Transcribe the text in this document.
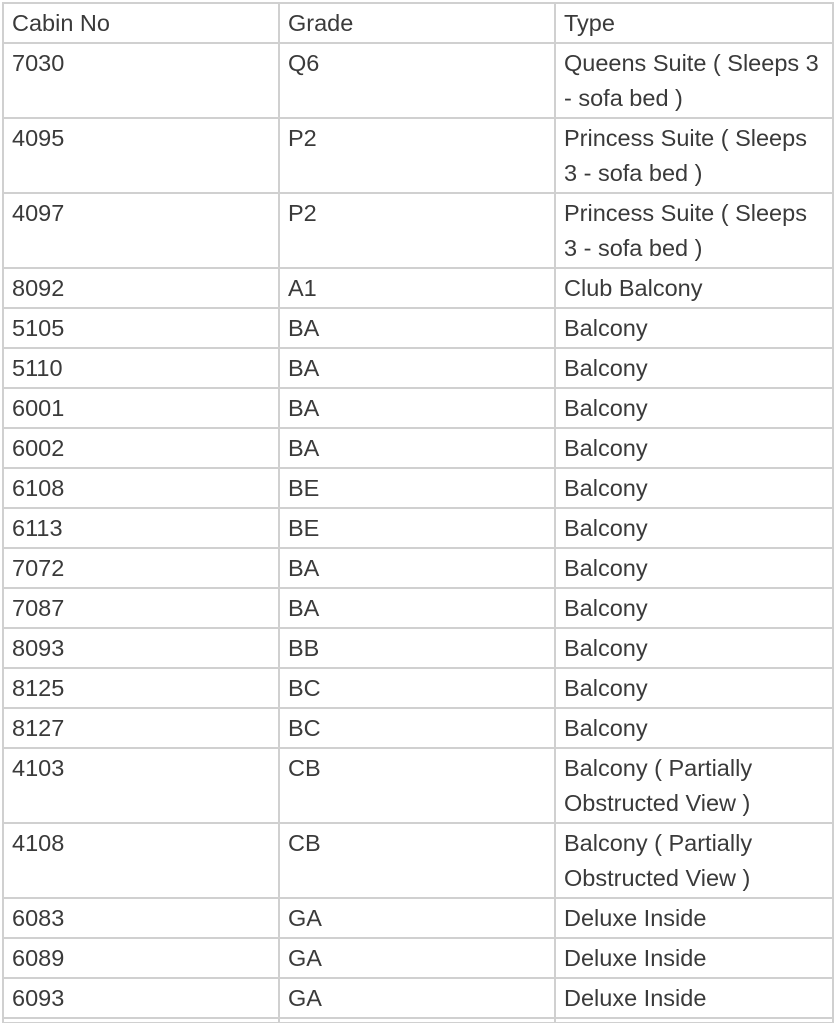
Cabin No	Grade	Type
7030	Q6	Queens Suite ( Sleeps 3 - sofa bed )
4095	P2	Princess Suite ( Sleeps 3 - sofa bed )
4097	P2	Princess Suite ( Sleeps 3 - sofa bed )
8092	A1	Club Balcony
5105	BA	Balcony
5110	BA	Balcony
6001	BA	Balcony
6002	BA	Balcony
6108	BE	Balcony
6113	BE	Balcony
7072	BA	Balcony
7087	BA	Balcony
8093	BB	Balcony
8125	BC	Balcony
8127	BC	Balcony
4103	CB	Balcony ( Partially Obstructed View )
4108	CB	Balcony ( Partially Obstructed View )
6083	GA	Deluxe Inside
6089	GA	Deluxe Inside
6093	GA	Deluxe Inside
